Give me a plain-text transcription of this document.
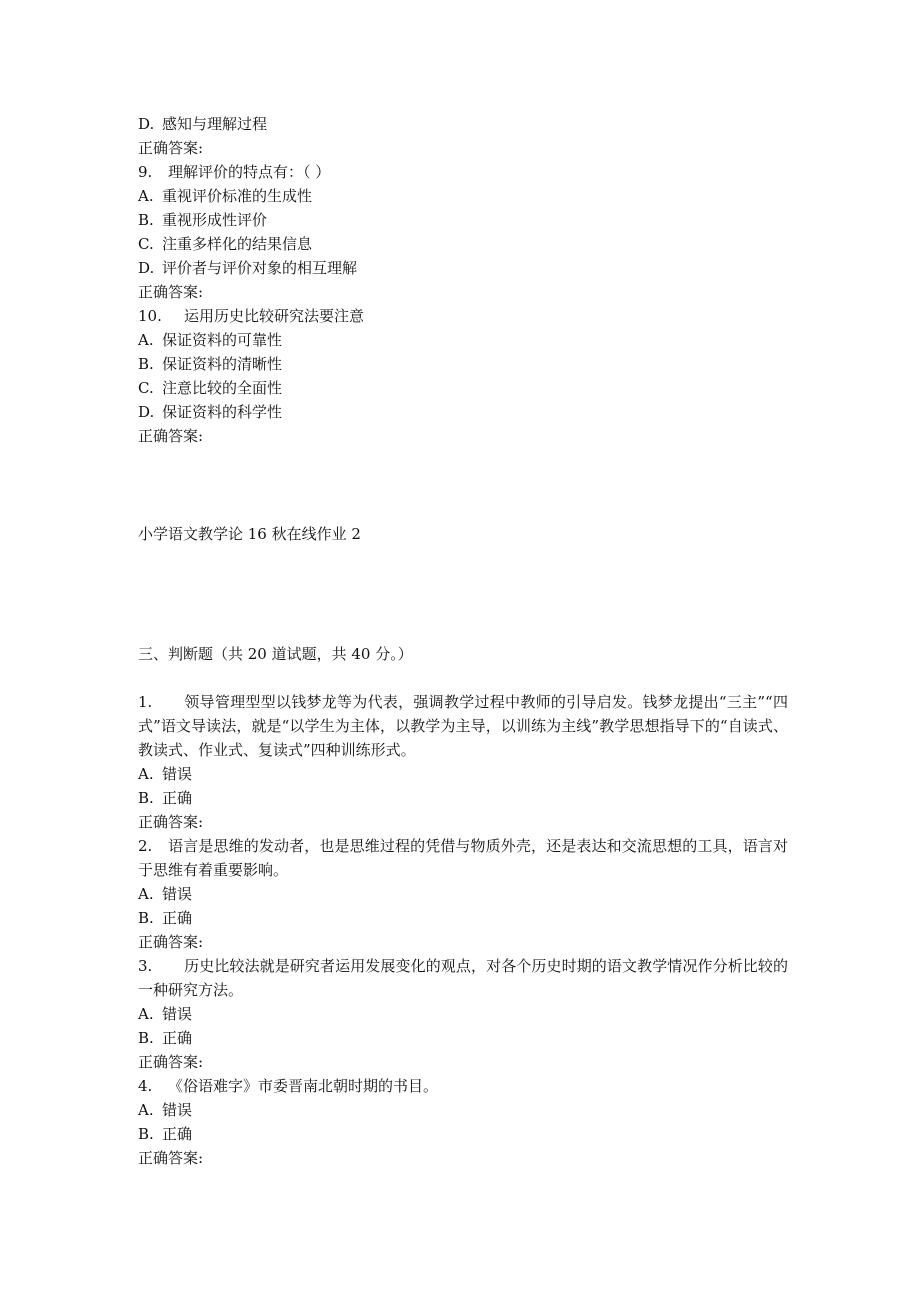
D. 感知与理解过程
正确答案:
9. 理解评价的特点有：（ ）
A. 重视评价标准的生成性
B. 重视形成性评价
C. 注重多样化的结果信息
D. 评价者与评价对象的相互理解
正确答案:
10. 运用历史比较研究法要注意
A. 保证资料的可靠性
B. 保证资料的清晰性
C. 注意比较的全面性
D. 保证资料的科学性
正确答案:
小学语文教学论 16 秋在线作业 2
三、判断题（共 20 道试题，共 40 分。）
1. 领导管理型型以钱梦龙等为代表，强调教学过程中教师的引导启发。钱梦龙提出“三主”“四式”语文导读法，就是“以学生为主体，以教学为主导，以训练为主线”教学思想指导下的“自读式、教读式、作业式、复读式”四种训练形式。
A. 错误
B. 正确
正确答案:
2. 语言是思维的发动者，也是思维过程的凭借与物质外壳，还是表达和交流思想的工具，语言对于思维有着重要影响。
A. 错误
B. 正确
正确答案:
3. 历史比较法就是研究者运用发展变化的观点，对各个历史时期的语文教学情况作分析比较的一种研究方法。
A. 错误
B. 正确
正确答案:
4. 《俗语难字》市委晋南北朝时期的书目。
A. 错误
B. 正确
正确答案:
